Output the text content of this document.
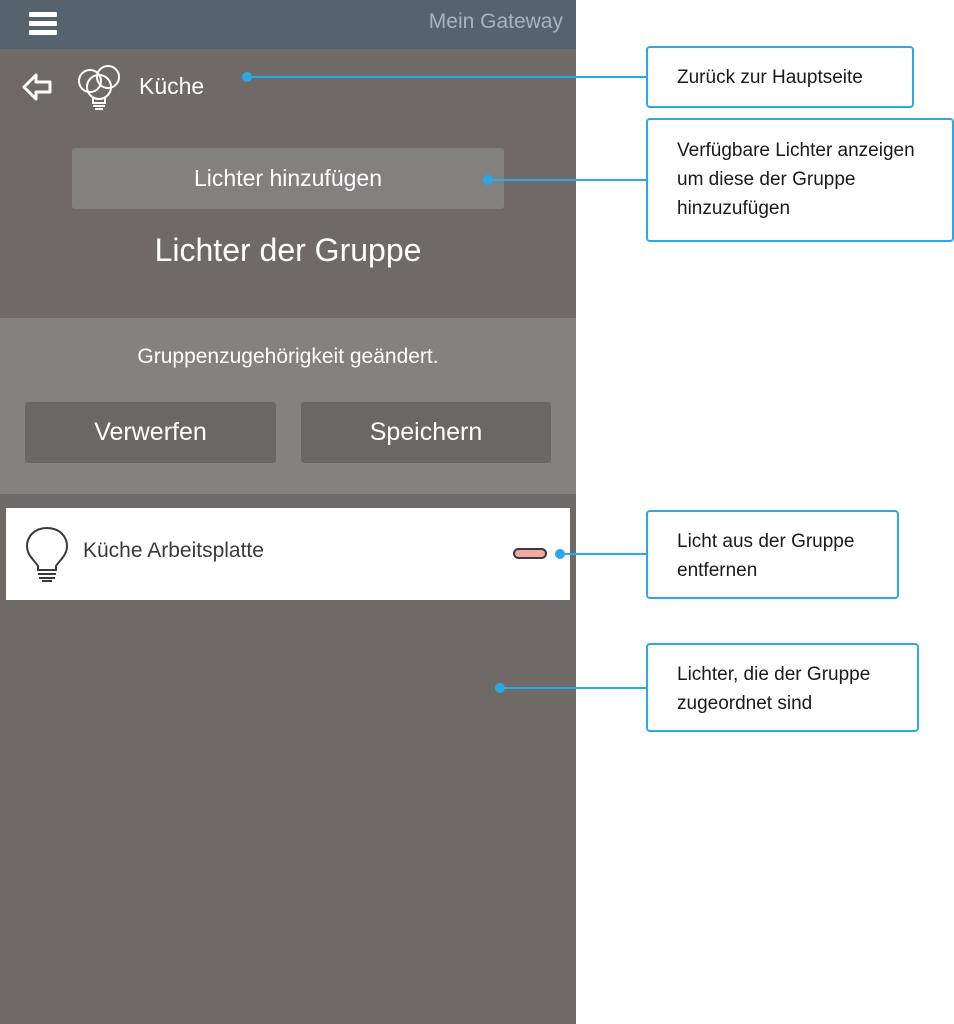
Mein Gateway
Küche
Lichter hinzufügen
Lichter der Gruppe
Gruppenzugehörigkeit geändert.
Verwerfen	Speichern
Küche Arbeitsplatte
Zurück zur Hauptseite
Verfügbare Lichter anzeigen
um diese der Gruppe
hinzuzufügen
Licht aus der Gruppe
entfernen
Lichter, die der Gruppe
zugeordnet sind
